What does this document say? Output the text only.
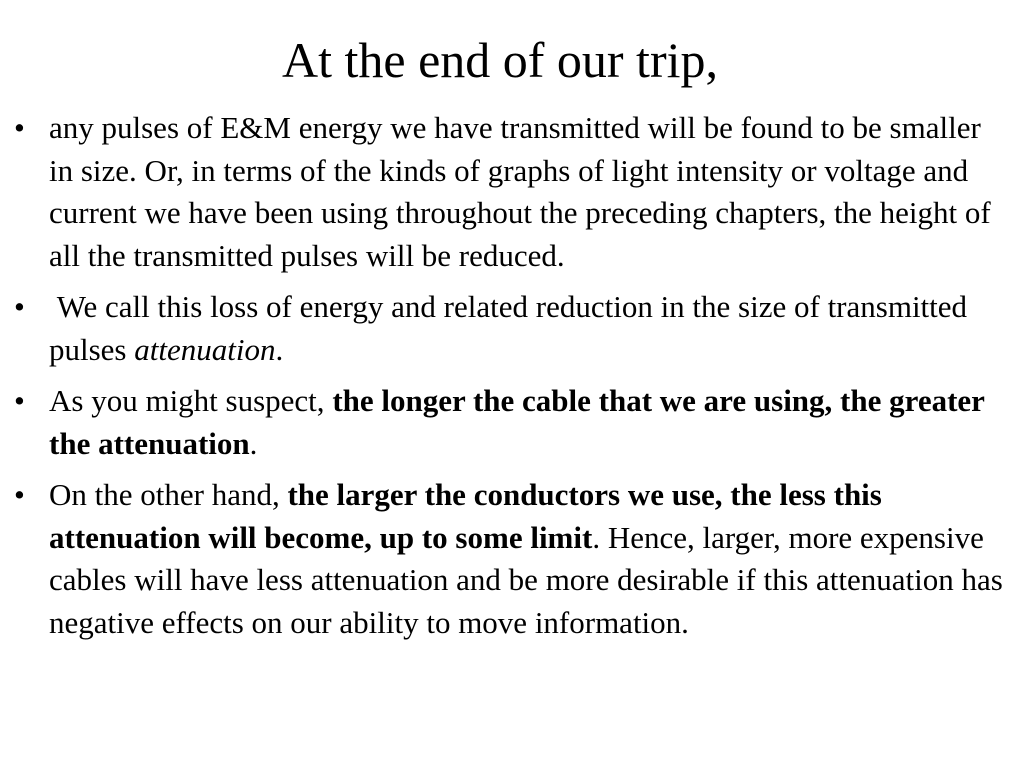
At the end of our trip,
• any pulses of E&M energy we have transmitted will be found to be smaller in size. Or, in terms of the kinds of graphs of light intensity or voltage and current we have been using throughout the preceding chapters, the height of all the transmitted pulses will be reduced.
• We call this loss of energy and related reduction in the size of transmitted pulses attenuation.
• As you might suspect, the longer the cable that we are using, the greater the attenuation.
• On the other hand, the larger the conductors we use, the less this attenuation will become, up to some limit. Hence, larger, more expensive cables will have less attenuation and be more desirable if this attenuation has negative effects on our ability to move information.
